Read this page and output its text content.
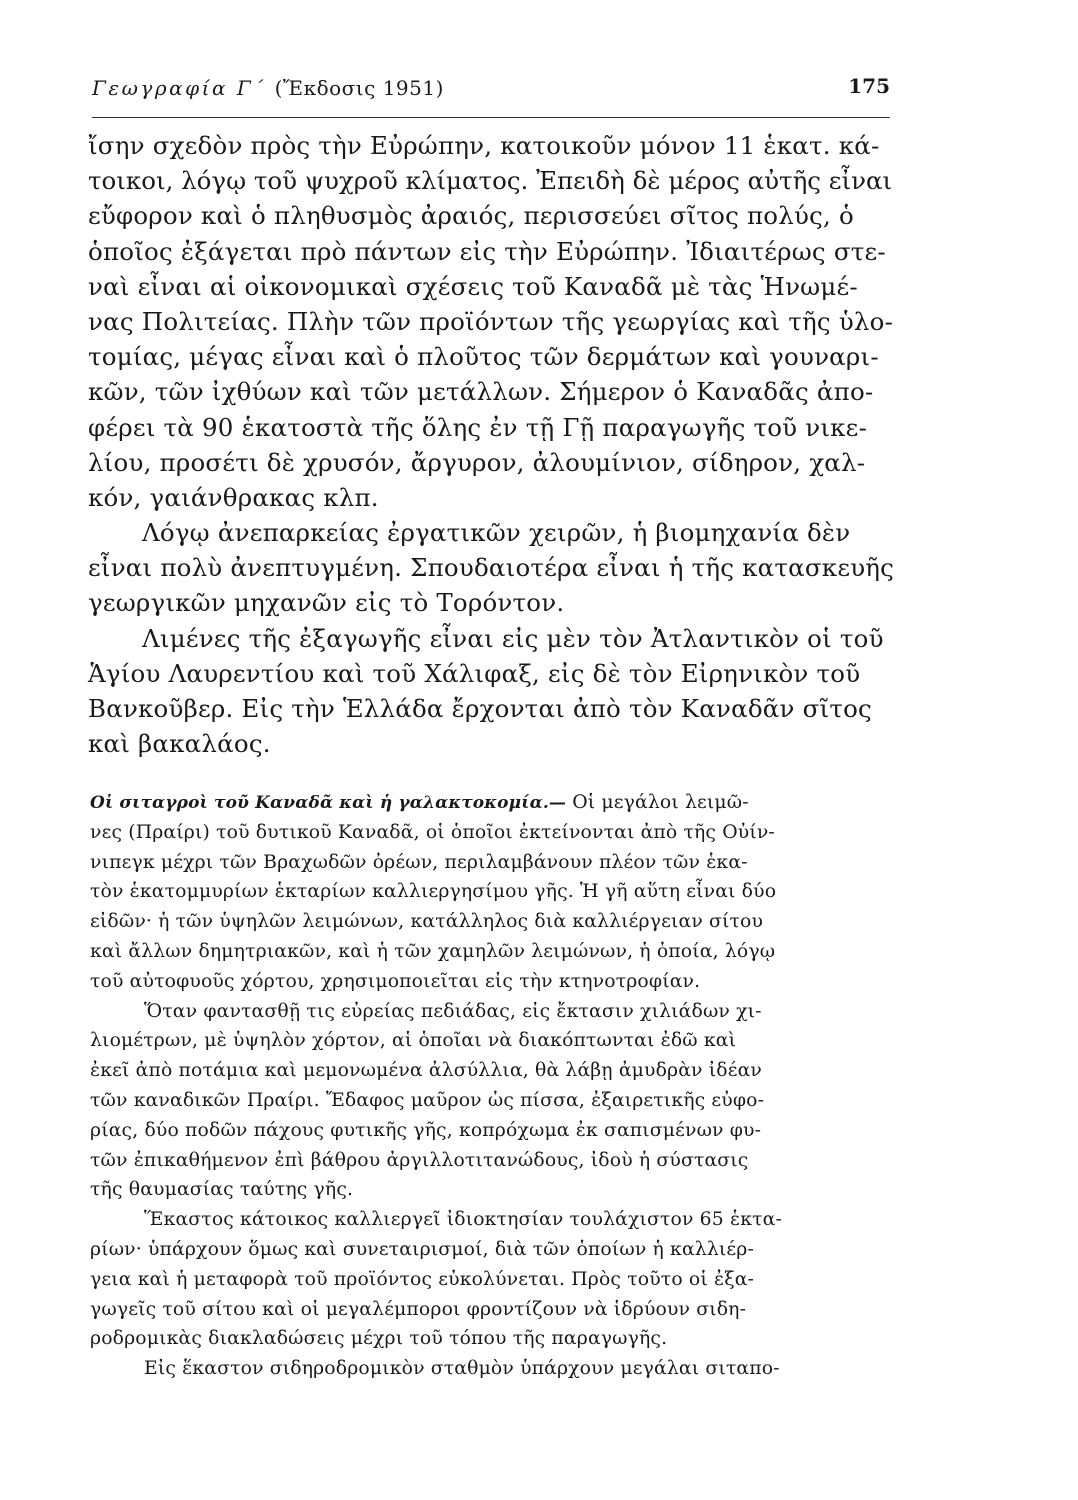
Γεωγραφία Γ΄ (Ἔκδοσις 1951)	175
ἴσην σχεδὸν πρὸς τὴν Εὐρώπην, κατοικοῦν μόνον 11 ἑκατ. κά-
τοικοι, λόγῳ τοῦ ψυχροῦ κλίματος. Ἐπειδὴ δὲ μέρος αὐτῆς εἶναι
εὔφορον καὶ ὁ πληθυσμὸς ἀραιός, περισσεύει σῖτος πολύς, ὁ
ὁποῖος ἐξάγεται πρὸ πάντων εἰς τὴν Εὐρώπην. Ἰδιαιτέρως στε-
ναὶ εἶναι αἱ οἰκονομικαὶ σχέσεις τοῦ Καναδᾶ μὲ τὰς Ἡνωμέ-
νας Πολιτείας. Πλὴν τῶν προϊόντων τῆς γεωργίας καὶ τῆς ὑλο-
τομίας, μέγας εἶναι καὶ ὁ πλοῦτος τῶν δερμάτων καὶ γουναρι-
κῶν, τῶν ἰχθύων καὶ τῶν μετάλλων. Σήμερον ὁ Καναδᾶς ἀπο-
φέρει τὰ 90 ἑκατοστὰ τῆς ὅλης ἐν τῇ Γῇ παραγωγῆς τοῦ νικε-
λίου, προσέτι δὲ χρυσόν, ἄργυρον, ἀλουμίνιον, σίδηρον, χαλ-
κόν, γαιάνθρακας κλπ.
Λόγῳ ἀνεπαρκείας ἐργατικῶν χειρῶν, ἡ βιομηχανία δὲν
εἶναι πολὺ ἀνεπτυγμένη. Σπουδαιοτέρα εἶναι ἡ τῆς κατασκευῆς
γεωργικῶν μηχανῶν εἰς τὸ Τορόντον.
Λιμένες τῆς ἐξαγωγῆς εἶναι εἰς μὲν τὸν Ἀτλαντικὸν οἱ τοῦ
Ἁγίου Λαυρεντίου καὶ τοῦ Χάλιφαξ, εἰς δὲ τὸν Εἰρηνικὸν τοῦ
Βανκοῦβερ. Εἰς τὴν Ἑλλάδα ἔρχονται ἀπὸ τὸν Καναδᾶν σῖτος
καὶ βακαλάος.
Οἱ σιταγροὶ τοῦ Καναδᾶ καὶ ἡ γαλακτοκομία.— Οἱ μεγάλοι λειμῶ-
νες (Πραίρι) τοῦ δυτικοῦ Καναδᾶ, οἱ ὁποῖοι ἐκτείνονται ἀπὸ τῆς Οὐίν-
νιπεγκ μέχρι τῶν Βραχωδῶν ὀρέων, περιλαμβάνουν πλέον τῶν ἑκα-
τὸν ἑκατομμυρίων ἑκταρίων καλλιεργησίμου γῆς. Ἡ γῆ αὕτη εἶναι δύο
εἰδῶν· ἡ τῶν ὑψηλῶν λειμώνων, κατάλληλος διὰ καλλιέργειαν σίτου
καὶ ἄλλων δημητριακῶν, καὶ ἡ τῶν χαμηλῶν λειμώνων, ἡ ὁποία, λόγῳ
τοῦ αὐτοφυοῦς χόρτου, χρησιμοποιεῖται εἰς τὴν κτηνοτροφίαν.
Ὅταν φαντασθῇ τις εὐρείας πεδιάδας, εἰς ἔκτασιν χιλιάδων χι-
λιομέτρων, μὲ ὑψηλὸν χόρτον, αἱ ὁποῖαι νὰ διακόπτωνται ἐδῶ καὶ
ἐκεῖ ἀπὸ ποτάμια καὶ μεμονωμένα ἀλσύλλια, θὰ λάβῃ ἀμυδρὰν ἰδέαν
τῶν καναδικῶν Πραίρι. Ἔδαφος μαῦρον ὡς πίσσα, ἐξαιρετικῆς εὐφο-
ρίας, δύο ποδῶν πάχους φυτικῆς γῆς, κοπρόχωμα ἐκ σαπισμένων φυ-
τῶν ἐπικαθήμενον ἐπὶ βάθρου ἀργιλλοτιτανώδους, ἰδοὺ ἡ σύστασις
τῆς θαυμασίας ταύτης γῆς.
Ἕκαστος κάτοικος καλλιεργεῖ ἰδιοκτησίαν τουλάχιστον 65 ἑκτα-
ρίων· ὑπάρχουν ὅμως καὶ συνεταιρισμοί, διὰ τῶν ὁποίων ἡ καλλιέρ-
γεια καὶ ἡ μεταφορὰ τοῦ προϊόντος εὐκολύνεται. Πρὸς τοῦτο οἱ ἐξα-
γωγεῖς τοῦ σίτου καὶ οἱ μεγαλέμποροι φροντίζουν νὰ ἱδρύουν σιδη-
ροδρομικὰς διακλαδώσεις μέχρι τοῦ τόπου τῆς παραγωγῆς.
Εἰς ἕκαστον σιδηροδρομικὸν σταθμὸν ὑπάρχουν μεγάλαι σιταπο-
